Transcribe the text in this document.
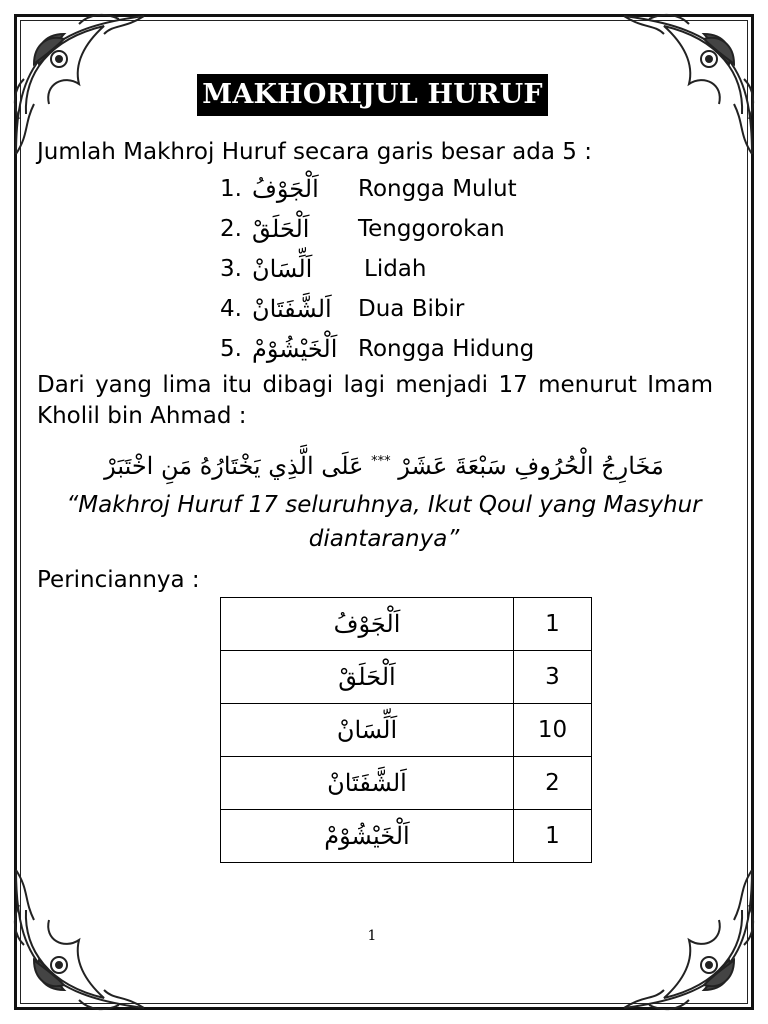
MAKHORIJUL HURUF
Jumlah Makhroj Huruf secara garis besar ada 5 :
1. اَلْجَوْفُ Rongga Mulut
2. اَلْحَلَقْ Tenggorokan
3. اَلِّسَانْ Lidah
4. اَلشَّفَتَانْ Dua Bibir
5. اَلْخَيْشُوْمْ Rongga Hidung
Dari yang lima itu dibagi lagi menjadi 17 menurut Imam Kholil bin Ahmad :
مَخَارِجُ الْحُرُوفِ سَبْعَةَ عَشَرْ *** عَلَى الَّذِي يَخْتَارُهُ مَنِ اخْتَبَرْ
“Makhroj Huruf 17 seluruhnya, Ikut Qoul yang Masyhur diantaranya”
Perinciannya :
اَلْجَوْفُ	1
اَلْحَلَقْ	3
اَلِّسَانْ	10
اَلشَّفَتَانْ	2
اَلْخَيْشُوْمْ	1
1
